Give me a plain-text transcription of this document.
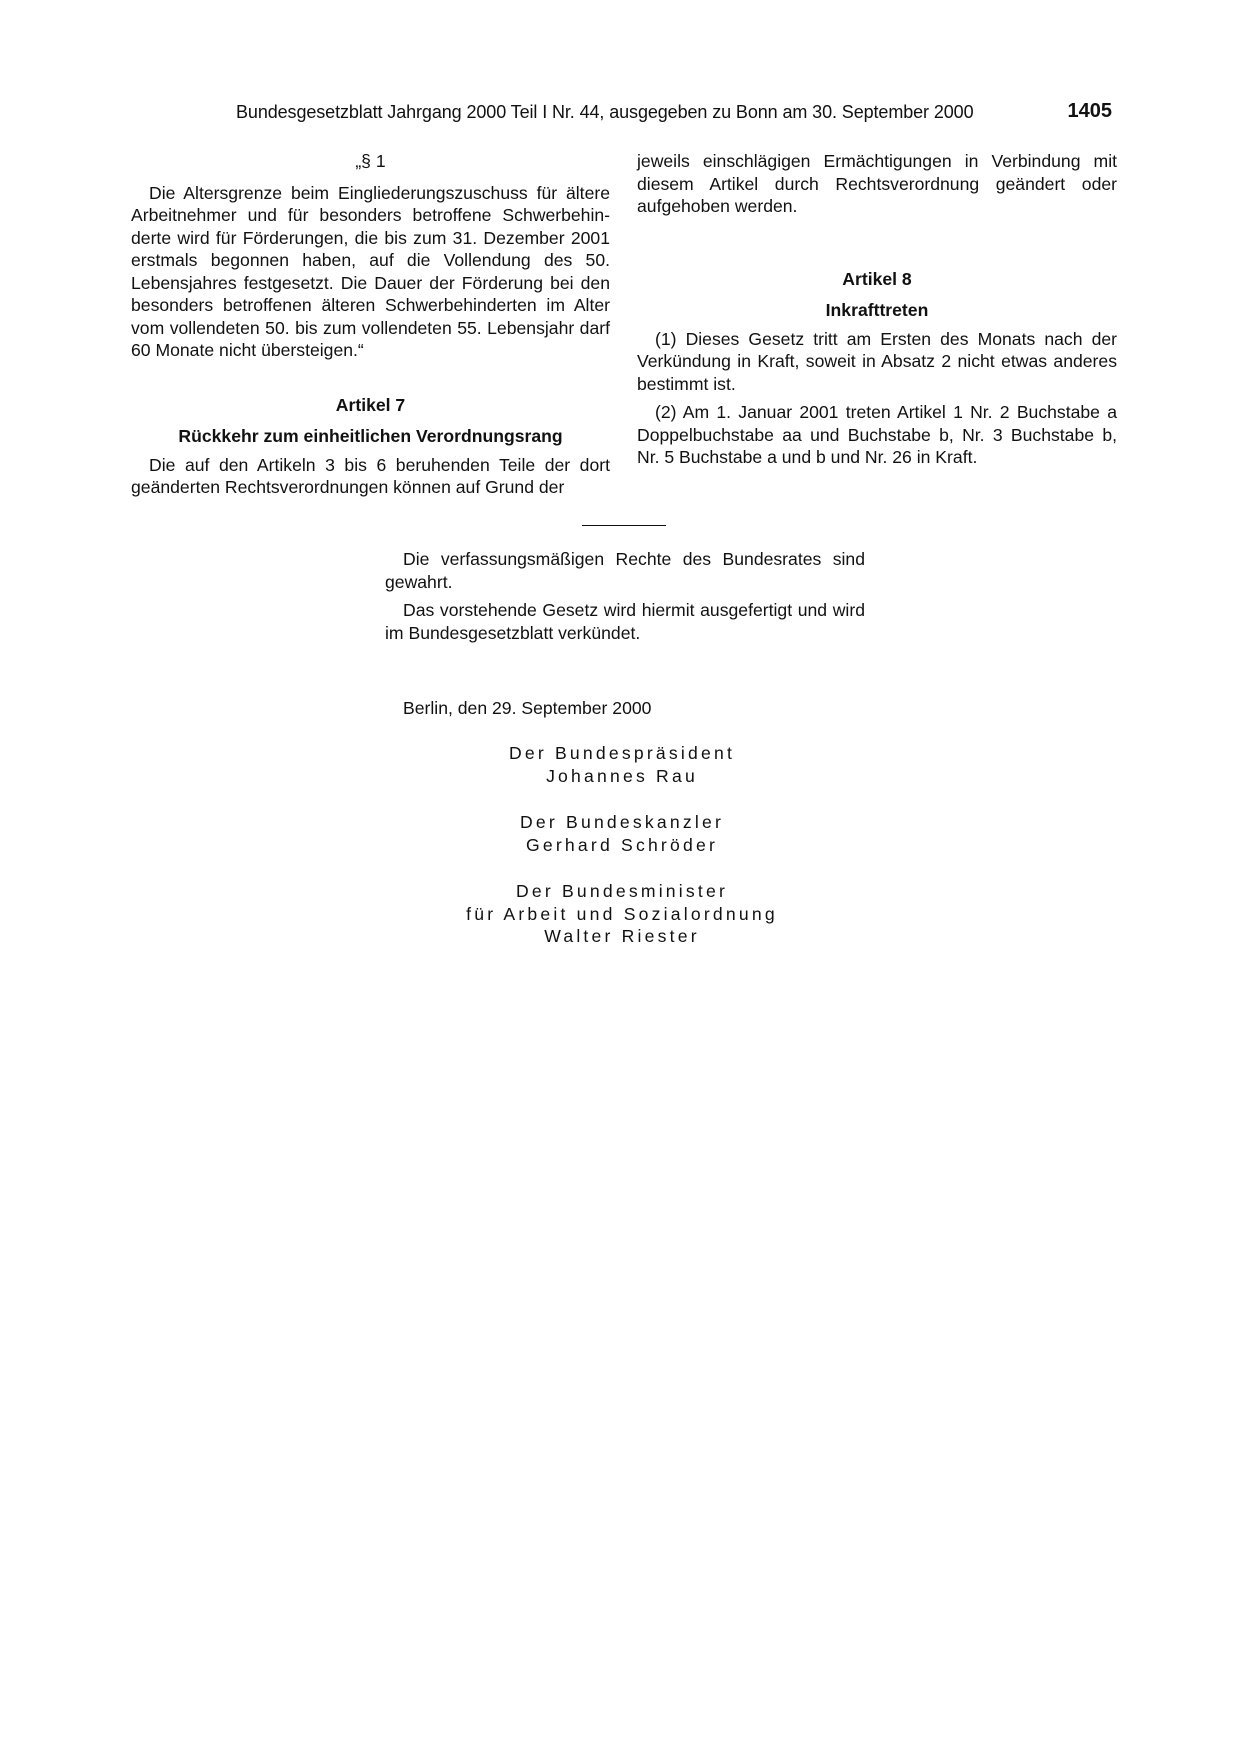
Bundesgesetzblatt Jahrgang 2000 Teil I Nr. 44, ausgegeben zu Bonn am 30. September 2000	1405

„§ 1

Die Altersgrenze beim Eingliederungszuschuss für ältere Arbeitnehmer und für besonders betroffene Schwerbehinderte wird für Förderungen, die bis zum 31. Dezember 2001 erstmals begonnen haben, auf die Vollendung des 50. Lebensjahres festgesetzt. Die Dauer der Förderung bei den besonders betroffenen älteren Schwerbehinderten im Alter vom vollendeten 50. bis zum vollendeten 55. Lebensjahr darf 60 Monate nicht übersteigen.“

Artikel 7

Rückkehr zum einheitlichen Verordnungsrang

Die auf den Artikeln 3 bis 6 beruhenden Teile der dort geänderten Rechtsverordnungen können auf Grund der

jeweils einschlägigen Ermächtigungen in Verbindung mit diesem Artikel durch Rechtsverordnung geändert oder aufgehoben werden.

Artikel 8

Inkrafttreten

(1) Dieses Gesetz tritt am Ersten des Monats nach der Verkündung in Kraft, soweit in Absatz 2 nicht etwas anderes bestimmt ist.

(2) Am 1. Januar 2001 treten Artikel 1 Nr. 2 Buchstabe a Doppelbuchstabe aa und Buchstabe b, Nr. 3 Buchstabe b, Nr. 5 Buchstabe a und b und Nr. 26 in Kraft.

Die verfassungsmäßigen Rechte des Bundesrates sind gewahrt.

Das vorstehende Gesetz wird hiermit ausgefertigt und wird im Bundesgesetzblatt verkündet.

Berlin, den 29. September 2000
Der Bundespräsident
Johannes Rau
Der Bundeskanzler
Gerhard Schröder
Der Bundesminister
für Arbeit und Sozialordnung
Walter Riester
